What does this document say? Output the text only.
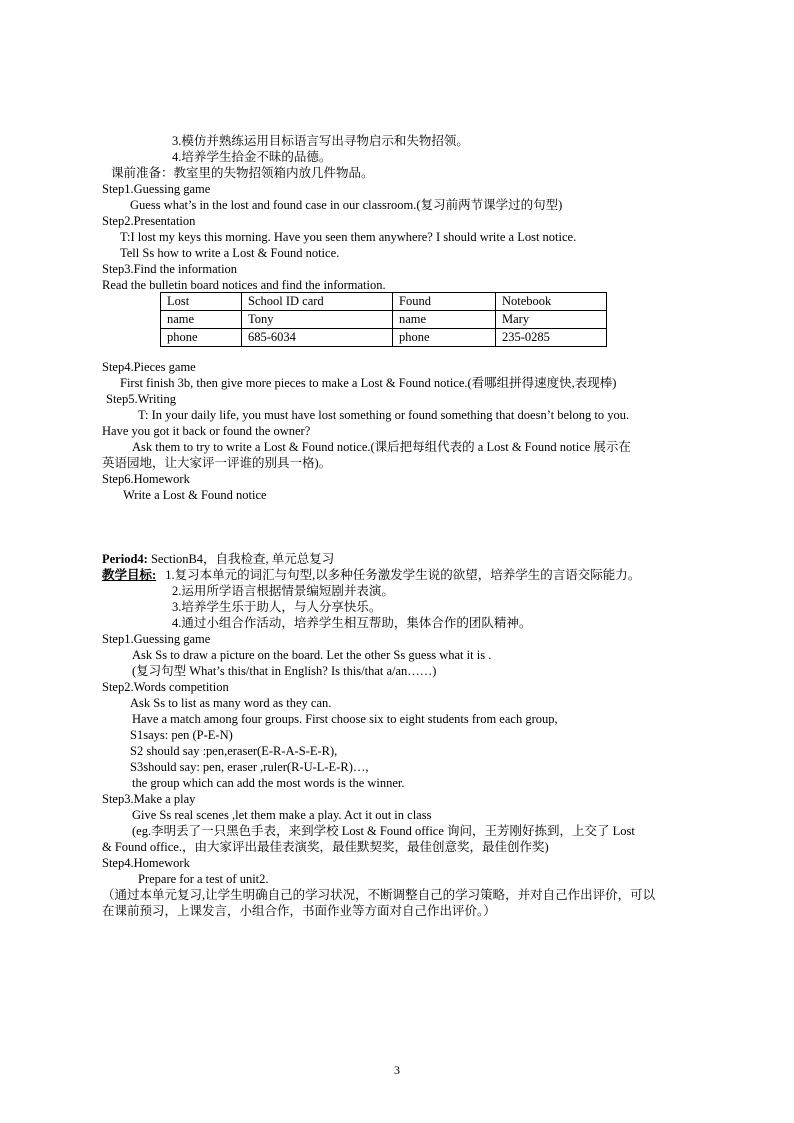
3.模仿并熟练运用目标语言写出寻物启示和失物招领。
4.培养学生拾金不昧的品德。
课前准备：教室里的失物招领箱内放几件物品。
Step1.Guessing game
Guess what’s in the lost and found case in our classroom.(复习前两节课学过的句型)
Step2.Presentation
T:I lost my keys this morning. Have you seen them anywhere? I should write a Lost notice.
Tell Ss how to write a Lost & Found notice.
Step3.Find the information
Read the bulletin board notices and find the information.
Lost	School ID card	Found	Notebook
name	Tony	name	Mary
phone	685-6034	phone	235-0285
Step4.Pieces game
First finish 3b, then give more pieces to make a Lost & Found notice.(看哪组拼得速度快,表现棒)
Step5.Writing
T: In your daily life, you must have lost something or found something that doesn’t belong to you.
Have you got it back or found the owner?
Ask them to try to write a Lost & Found notice.(课后把每组代表的 a Lost & Found notice 展示在
英语园地，让大家评一评谁的别具一格)。
Step6.Homework
Write a Lost & Found notice
Period4: SectionB4，自我检查, 单元总复习
教学目标: 1.复习本单元的词汇与句型,以多种任务激发学生说的欲望，培养学生的言语交际能力。
2.运用所学语言根据情景编短剧并表演。
3.培养学生乐于助人，与人分享快乐。
4.通过小组合作活动，培养学生相互帮助，集体合作的团队精神。
Step1.Guessing game
Ask Ss to draw a picture on the board. Let the other Ss guess what it is .
(复习句型 What’s this/that in English? Is this/that a/an……)
Step2.Words competition
Ask Ss to list as many word as they can.
Have a match among four groups. First choose six to eight students from each group,
S1says: pen (P-E-N)
S2 should say :pen,eraser(E-R-A-S-E-R),
S3should say: pen, eraser ,ruler(R-U-L-E-R)…,
the group which can add the most words is the winner.
Step3.Make a play
Give Ss real scenes ,let them make a play. Act it out in class
(eg.李明丢了一只黑色手表，来到学校 Lost & Found office 询问，王芳刚好拣到，上交了 Lost
& Found office.，由大家评出最佳表演奖，最佳默契奖，最佳创意奖，最佳创作奖)
Step4.Homework
Prepare for a test of unit2.
（通过本单元复习,让学生明确自己的学习状况，不断调整自己的学习策略，并对自己作出评价，可以
在课前预习，上课发言，小组合作，书面作业等方面对自己作出评价。）
3
